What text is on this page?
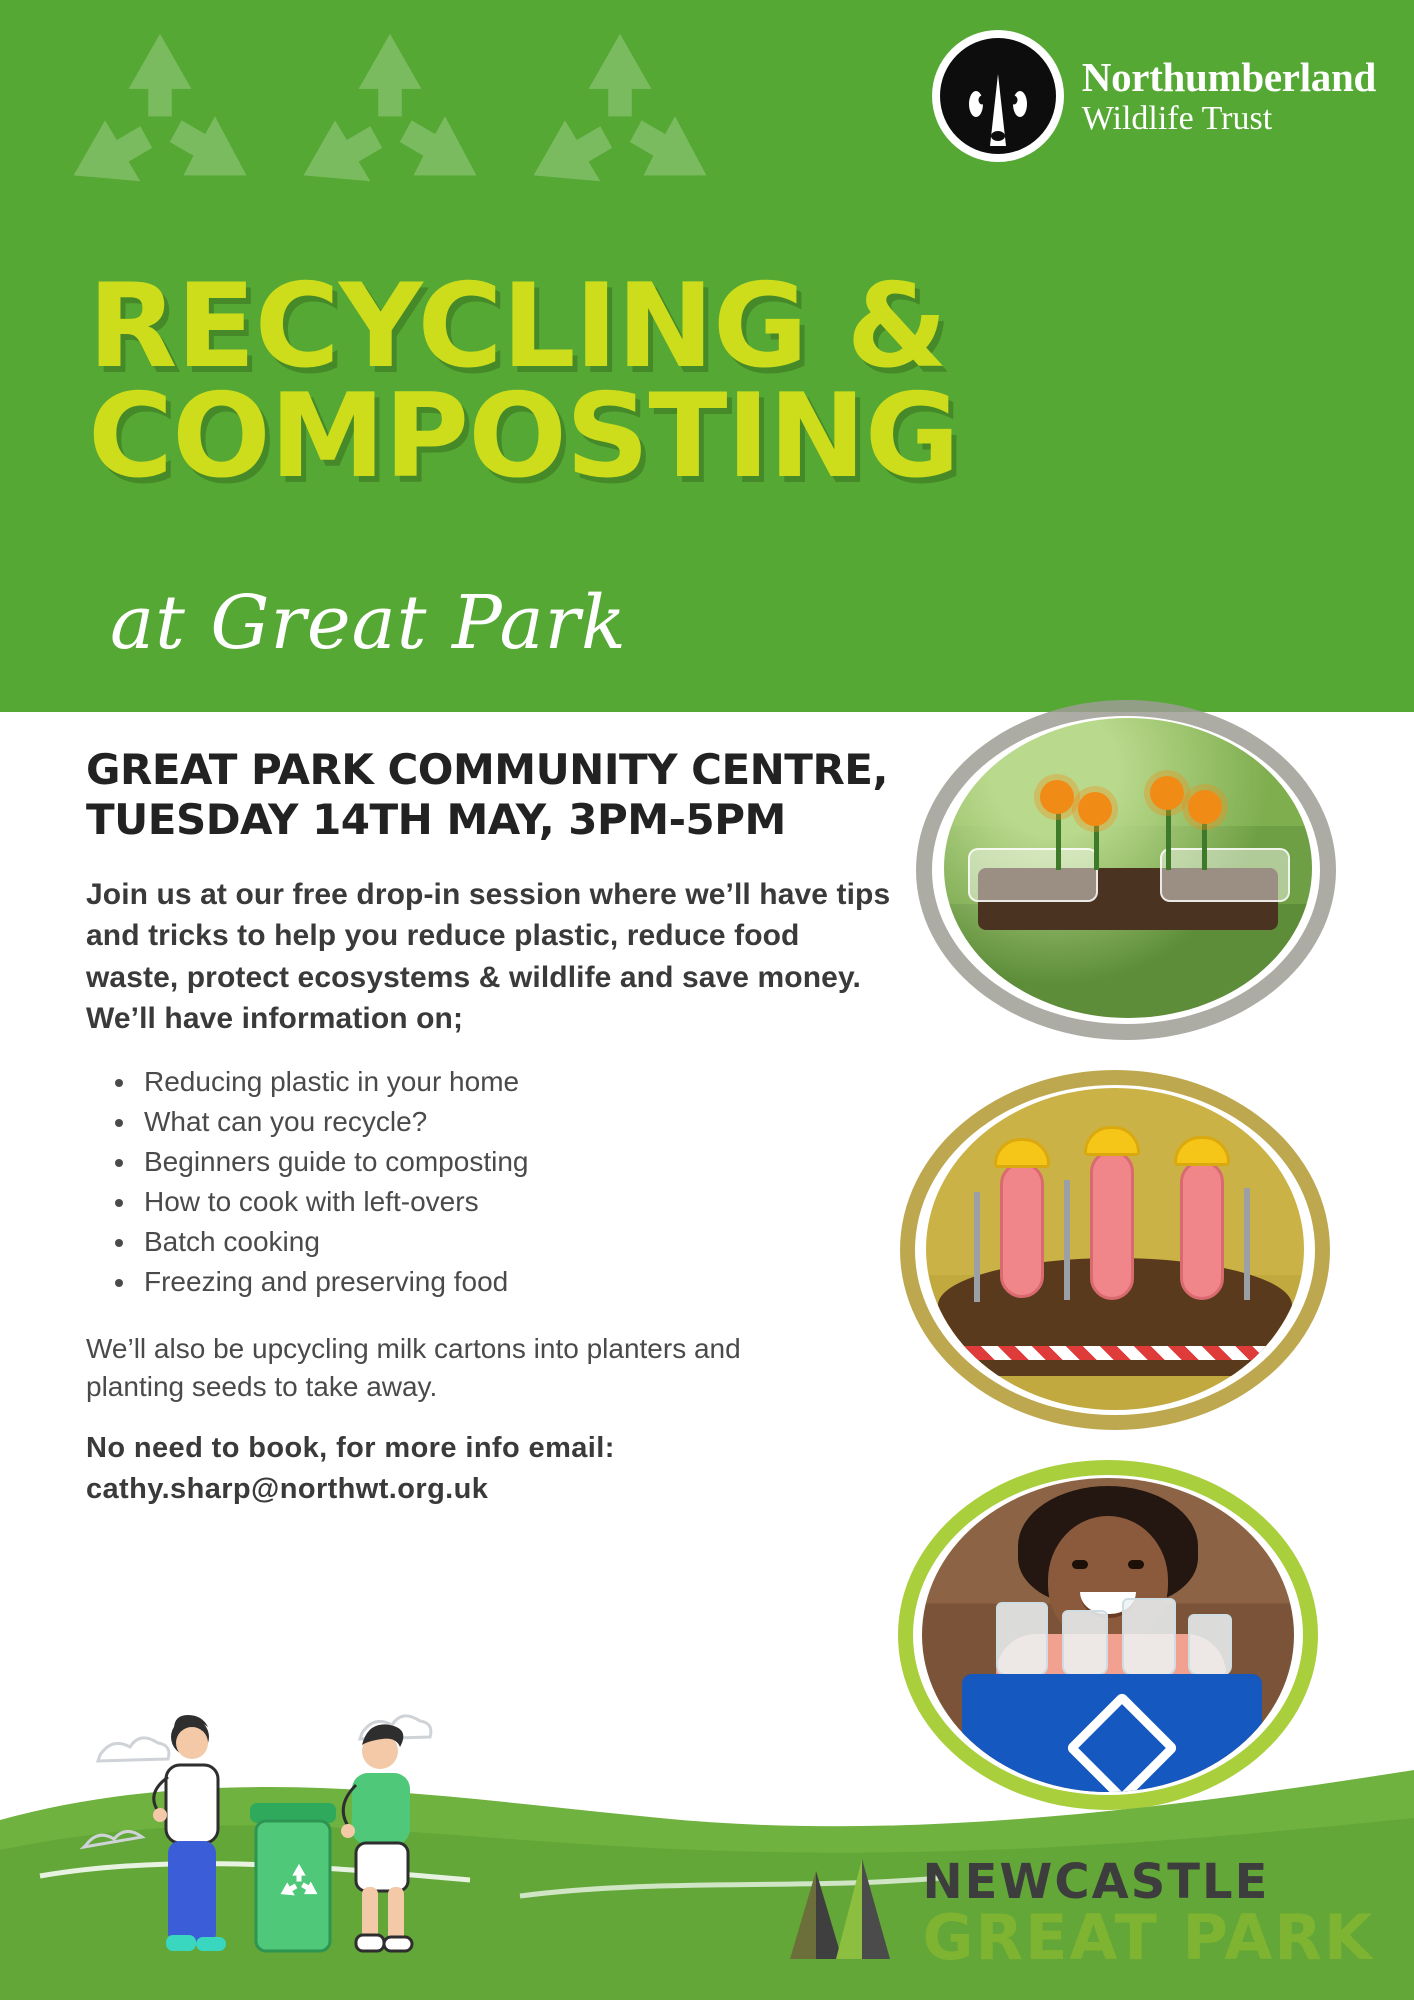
Northumberland
Wildlife Trust
RECYCLING &
COMPOSTING
at Great Park
GREAT PARK COMMUNITY CENTRE,
TUESDAY 14TH MAY, 3PM-5PM

Join us at our free drop-in session where we’ll have tips and tricks to help you reduce plastic, reduce food waste, protect ecosystems & wildlife and save money. We’ll have information on;

• Reducing plastic in your home
• What can you recycle?
• Beginners guide to composting
• How to cook with left-overs
• Batch cooking
• Freezing and preserving food

We’ll also be upcycling milk cartons into planters and planting seeds to take away.

No need to book, for more info email:
cathy.sharp@northwt.org.uk
NEWCASTLE
GREAT PARK
